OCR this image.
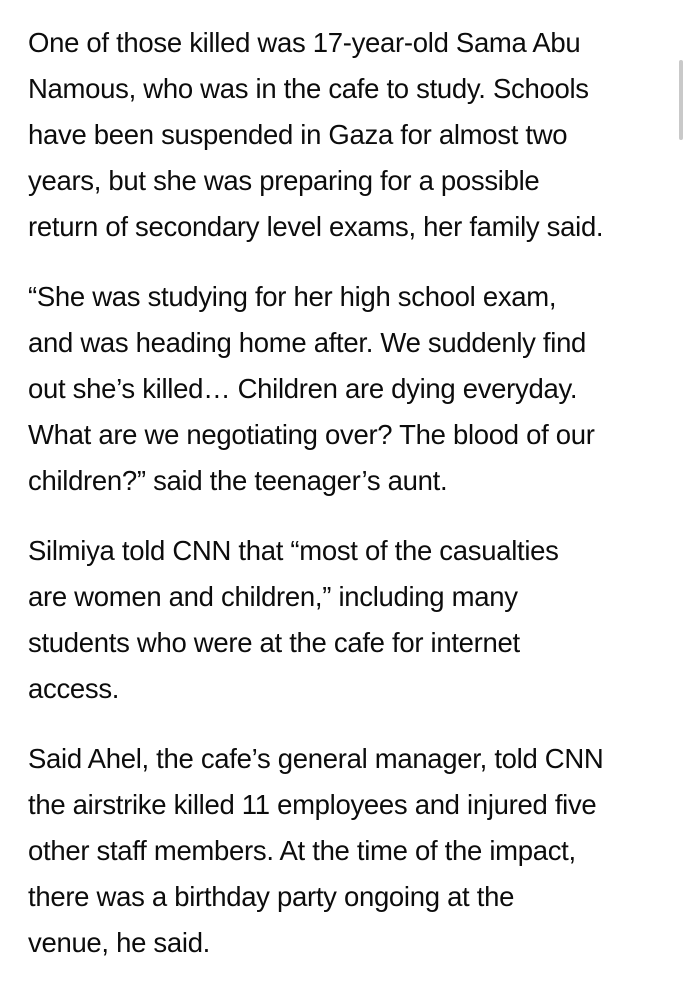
One of those killed was 17-year-old Sama Abu
Namous, who was in the cafe to study. Schools
have been suspended in Gaza for almost two
years, but she was preparing for a possible
return of secondary level exams, her family said.

“She was studying for her high school exam,
and was heading home after. We suddenly find
out she’s killed… Children are dying everyday.
What are we negotiating over? The blood of our
children?” said the teenager’s aunt.

Silmiya told CNN that “most of the casualties
are women and children,” including many
students who were at the cafe for internet
access.

Said Ahel, the cafe’s general manager, told CNN
the airstrike killed 11 employees and injured five
other staff members. At the time of the impact,
there was a birthday party ongoing at the
venue, he said.
